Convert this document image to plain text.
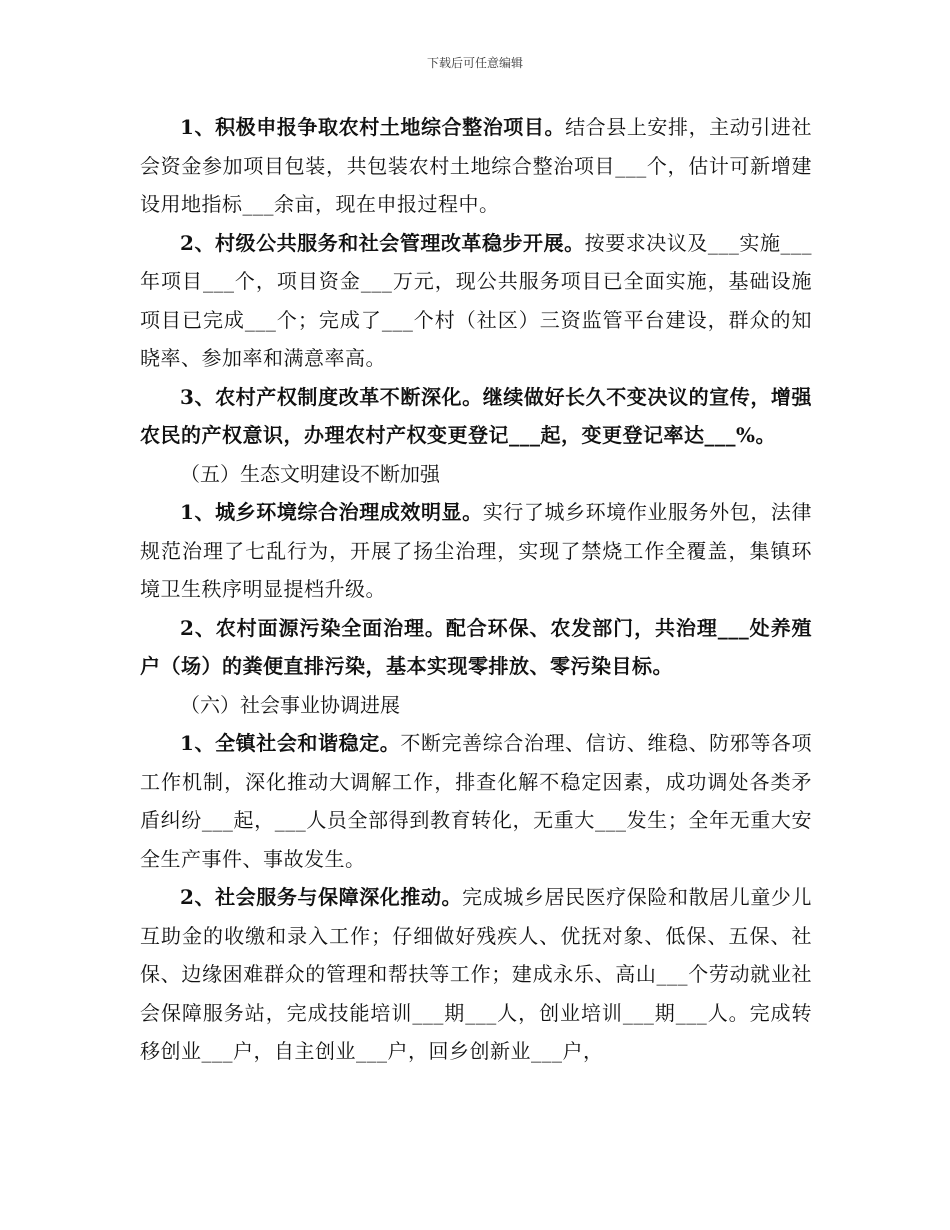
下载后可任意编辑

1、积极申报争取农村土地综合整治项目。结合县上安排，主动引进社会资金参加项目包装，共包装农村土地综合整治项目___个，估计可新增建设用地指标___余亩，现在申报过程中。

2、村级公共服务和社会管理改革稳步开展。按要求决议及___实施___年项目___个，项目资金___万元，现公共服务项目已全面实施，基础设施项目已完成___个；完成了___个村（社区）三资监管平台建设，群众的知晓率、参加率和满意率高。

3、农村产权制度改革不断深化。继续做好长久不变决议的宣传，增强农民的产权意识，办理农村产权变更登记___起，变更登记率达___%。

（五）生态文明建设不断加强

1、城乡环境综合治理成效明显。实行了城乡环境作业服务外包，法律规范治理了七乱行为，开展了扬尘治理，实现了禁烧工作全覆盖，集镇环境卫生秩序明显提档升级。

2、农村面源污染全面治理。配合环保、农发部门，共治理___处养殖户（场）的粪便直排污染，基本实现零排放、零污染目标。

（六）社会事业协调进展

1、全镇社会和谐稳定。不断完善综合治理、信访、维稳、防邪等各项工作机制，深化推动大调解工作，排查化解不稳定因素，成功调处各类矛盾纠纷___起，___人员全部得到教育转化，无重大___发生；全年无重大安全生产事件、事故发生。

2、社会服务与保障深化推动。完成城乡居民医疗保险和散居儿童少儿互助金的收缴和录入工作；仔细做好残疾人、优抚对象、低保、五保、社保、边缘困难群众的管理和帮扶等工作；建成永乐、高山___个劳动就业社会保障服务站，完成技能培训___期___人，创业培训___期___人。完成转移创业___户，自主创业___户，回乡创新业___户，
